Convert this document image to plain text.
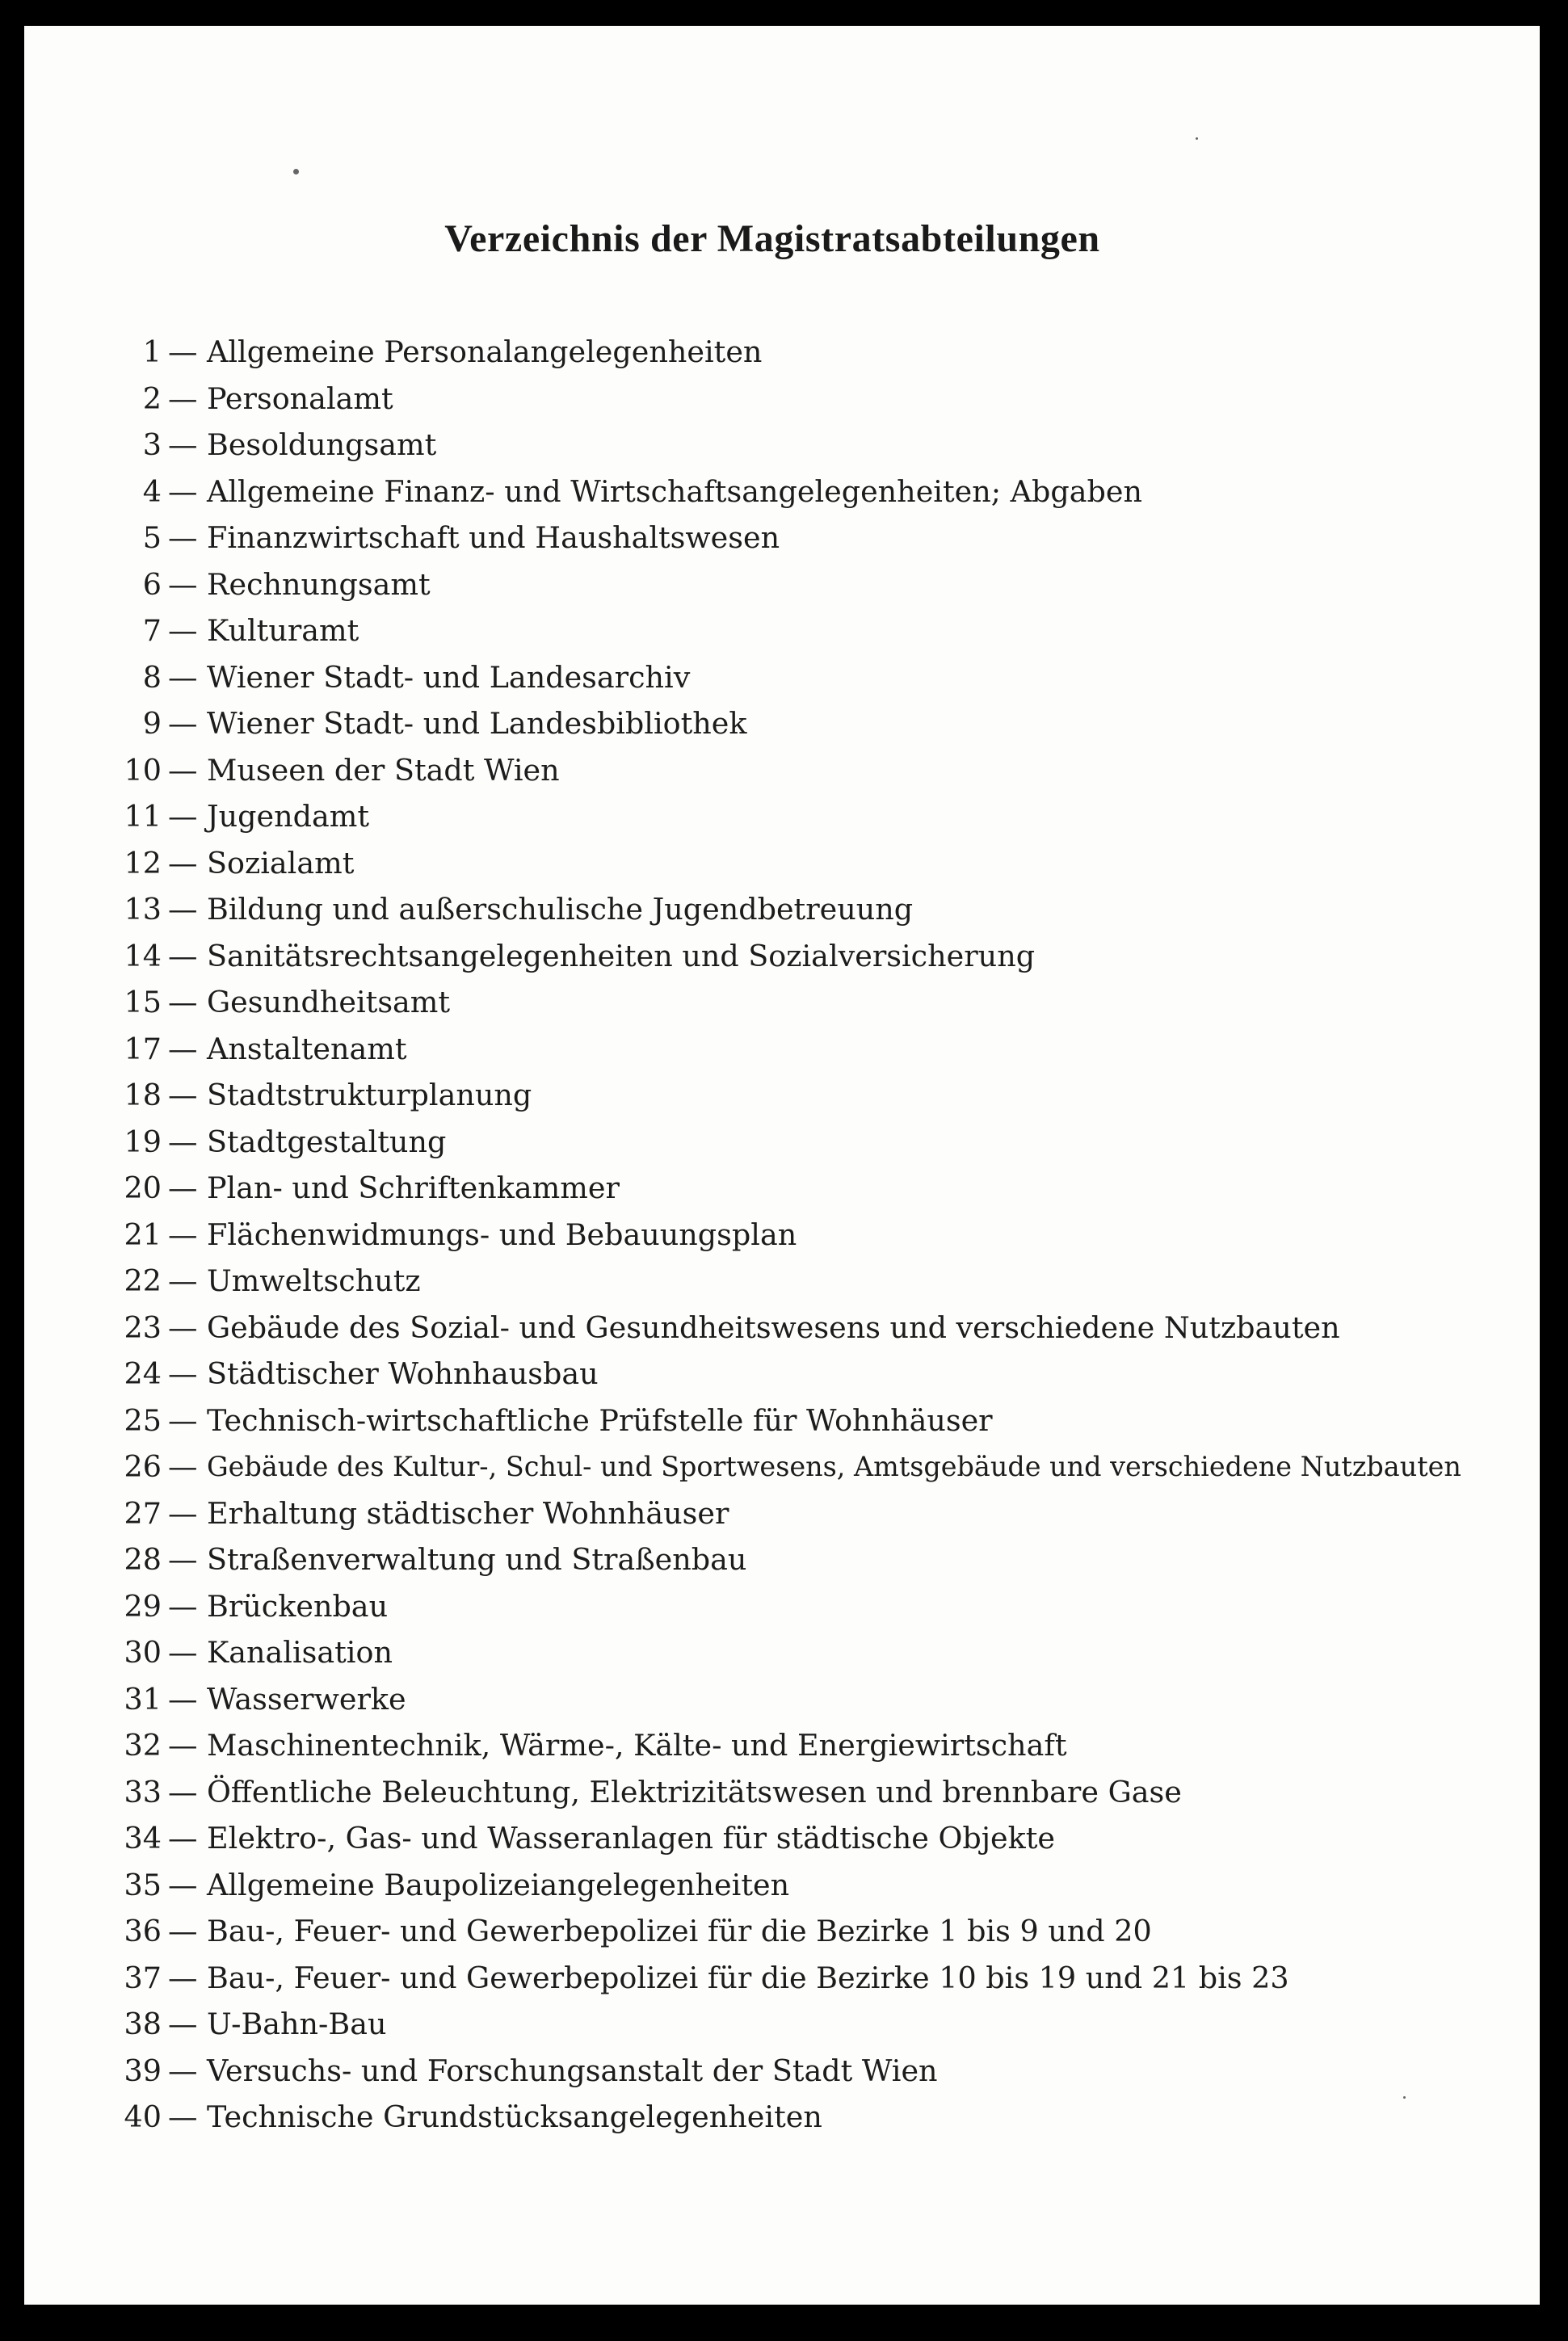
Verzeichnis der Magistratsabteilungen
1 — Allgemeine Personalangelegenheiten
2 — Personalamt
3 — Besoldungsamt
4 — Allgemeine Finanz- und Wirtschaftsangelegenheiten; Abgaben
5 — Finanzwirtschaft und Haushaltswesen
6 — Rechnungsamt
7 — Kulturamt
8 — Wiener Stadt- und Landesarchiv
9 — Wiener Stadt- und Landesbibliothek
10 — Museen der Stadt Wien
11 — Jugendamt
12 — Sozialamt
13 — Bildung und außerschulische Jugendbetreuung
14 — Sanitätsrechtsangelegenheiten und Sozialversicherung
15 — Gesundheitsamt
17 — Anstaltenamt
18 — Stadtstrukturplanung
19 — Stadtgestaltung
20 — Plan- und Schriftenkammer
21 — Flächenwidmungs- und Bebauungsplan
22 — Umweltschutz
23 — Gebäude des Sozial- und Gesundheitswesens und verschiedene Nutzbauten
24 — Städtischer Wohnhausbau
25 — Technisch-wirtschaftliche Prüfstelle für Wohnhäuser
26 — Gebäude des Kultur-, Schul- und Sportwesens, Amtsgebäude und verschiedene Nutzbauten
27 — Erhaltung städtischer Wohnhäuser
28 — Straßenverwaltung und Straßenbau
29 — Brückenbau
30 — Kanalisation
31 — Wasserwerke
32 — Maschinentechnik, Wärme-, Kälte- und Energiewirtschaft
33 — Öffentliche Beleuchtung, Elektrizitätswesen und brennbare Gase
34 — Elektro-, Gas- und Wasseranlagen für städtische Objekte
35 — Allgemeine Baupolizeiangelegenheiten
36 — Bau-, Feuer- und Gewerbepolizei für die Bezirke 1 bis 9 und 20
37 — Bau-, Feuer- und Gewerbepolizei für die Bezirke 10 bis 19 und 21 bis 23
38 — U-Bahn-Bau
39 — Versuchs- und Forschungsanstalt der Stadt Wien
40 — Technische Grundstücksangelegenheiten
